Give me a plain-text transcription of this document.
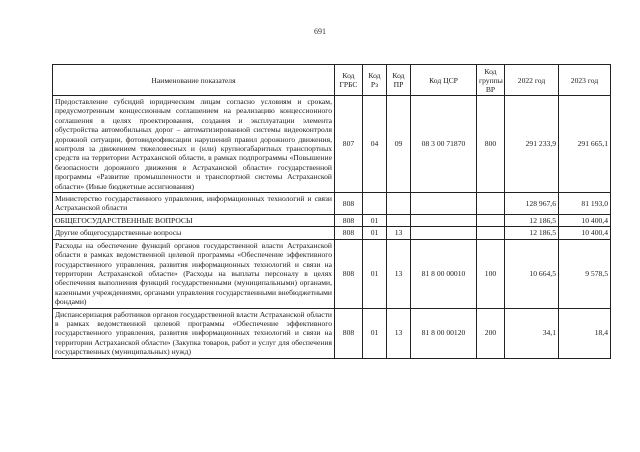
691
Наименование показателя	Код ГРБС	Код Рз	Код ПР	Код ЦСР	Код группы ВР	2022 год	2023 год
Предоставление субсидий юридическим лицам согласно условиям и срокам, предусмотренным концессионным соглашением на реализацию концессионного соглашения в целях проектирования, создания и эксплуатации элемента обустройства автомобильных дорог – автоматизированной системы видеоконтроля дорожной ситуации, фотовидеофиксации нарушений правил дорожного движения, контроля за движением тяжеловесных и (или) крупногабаритных транспортных средств на территории Астраханской области, в рамках подпрограммы «Повышение безопасности дорожного движения в Астраханской области» государственной программы «Развитие промышленности и транспортной системы Астраханской области» (Иные бюджетные ассигнования)	807	04	09	08 3 00 71870	800	291 233,9	291 665,1
Министерство государственного управления, информационных технологий и связи Астраханской области	808					128 967,6	81 193,0
ОБЩЕГОСУДАРСТВЕННЫЕ ВОПРОСЫ	808	01				12 186,5	10 400,4
Другие общегосударственные вопросы	808	01	13			12 186,5	10 400,4
Расходы на обеспечение функций органов государственной власти Астраханской области в рамках ведомственной целевой программы «Обеспечение эффективного государственного управления, развития информационных технологий и связи на территории Астраханской области» (Расходы на выплаты персоналу в целях обеспечения выполнения функций государственными (муниципальными) органами, казенными учреждениями, органами управления государственными внебюджетными фондами)	808	01	13	81 8 00 00010	100	10 664,5	9 578,5
Диспансеризация работников органов государственной власти Астраханской области в рамках ведомственной целевой программы «Обеспечение эффективного государственного управления, развития информационных технологий и связи на территории Астраханской области» (Закупка товаров, работ и услуг для обеспечения государственных (муниципальных) нужд)	808	01	13	81 8 00 00120	200	34,1	18,4
